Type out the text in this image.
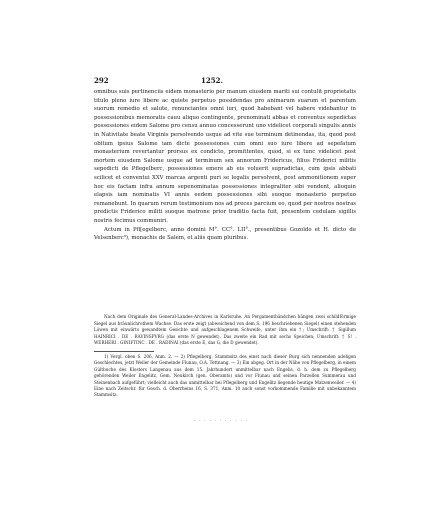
292	1252.

omnibus suis pertinenciis eidem monasterio per manum eiusdem mariti sui contulit proprietatis titulo pleno iure libere ac quiete perpetuo possidendas pro animarum suarum et parentum suorum remedio et salute, renunciantes omni iuri, quod habebant vel habere videbantur in possessionibus memoratis cauu aliquo contingente, prenominati abbas et conventus sepedictas possessiones eidem Salome pro censu annuo concesserunt uno videlicet corporali singulis annis in Nativitate beate Virginis persolvendo usque ad vite sue terminum detinendas, ita, quod post obitum ipsius Salome iam dicte possessiones cum omni suo iure libere ad sepefatum monasterium revertantur prorsus ex condicto, promittentes, quod, si ex tunc videlicet post mortem eiusdem Salome usque ad terminum sex annorum Fridericus, filius Friderici militis sepedicti de Pflegelberc, possessiones emere ab eis voluerit supradictas, cum ipsis abbati scilicet et conventui XXV marcas argenti puri se legalis persolvent, post ammonitionem super hoc eis factam infra annum sepenominatas possessiones integraliter sibi vendent, alioquin elapsis iam nominatis VI annis eedem possessiones sibi suoque monasterio perpetuo remanebunt. In quarum rerum testimonium nos ad preces parcium eo, quod per nostros nostras predictis Friderico militi suoque matrone prior traditio facta fuit, presentem cedulam sigillis nostris fecimus communiri.

Actum in Pfl[egelberc, anno domini M°. CC°. LII°., presentibus Gozoldo et H. dicto de Velsenberc³), monachis de Salem, et aliis quam pluribus.

Nach dem Originale des General-Landes-Archives in Karlsruhe. An Pergamentbändchen hängen zwei schildförmige Siegel aus bräunlichrothem Wachse. Das erste zeigt (abweichend von dem S. 196 beschriebenen Siegel) einen stehenden Löwen mit einwärts gewandtem Gesichte und aufgeschlagenem Schweife, unter ihm ein †; Umschrift: † Sigillum HAINRICI . DE . RAVINSPVRG (das erste N gewendet). Das zweite ein Rad mit sechs Speichen; Umschrift: † S! . WERHERI . GINIFTINC . DE . RADINAI (das erste E, das G, die D gewendet).

1) Vergl. oben S. 206, Anm. 2. — 2) Pflegelberg, Stammsitz des einst nach dieser Burg sich nennenden adeligen Geschlechtes, jetzt Weiler der Gemeinde Flunau, O.A. Tettnang. — 3) Ein abgeg. Ort in der Nähe von Pflegelberg, in einem Gültbuche des Klosters Langenau aus dem 15. Jahrhundert unmittelbar nach Engelis, d. h. dem zu Pflegelberg gehörenden Weiler Engelitz, Gem. Neukirch (gen. Oberamts) und vor Flunau und seinen Parzellen Summerau und Steinenbach aufgeführt; vielleicht auch das unmittelbar bei Pflegelberg und Engelitz liegende heutige Matzenweiler. — 4) Eine nach Zeitschr. für Gesch. d. Oberrheins 16, S. 371, Anm. 10 auch sonst vorkommende Familie mit unbekanntem Stammsitz.

. . . . . . . . . . .
